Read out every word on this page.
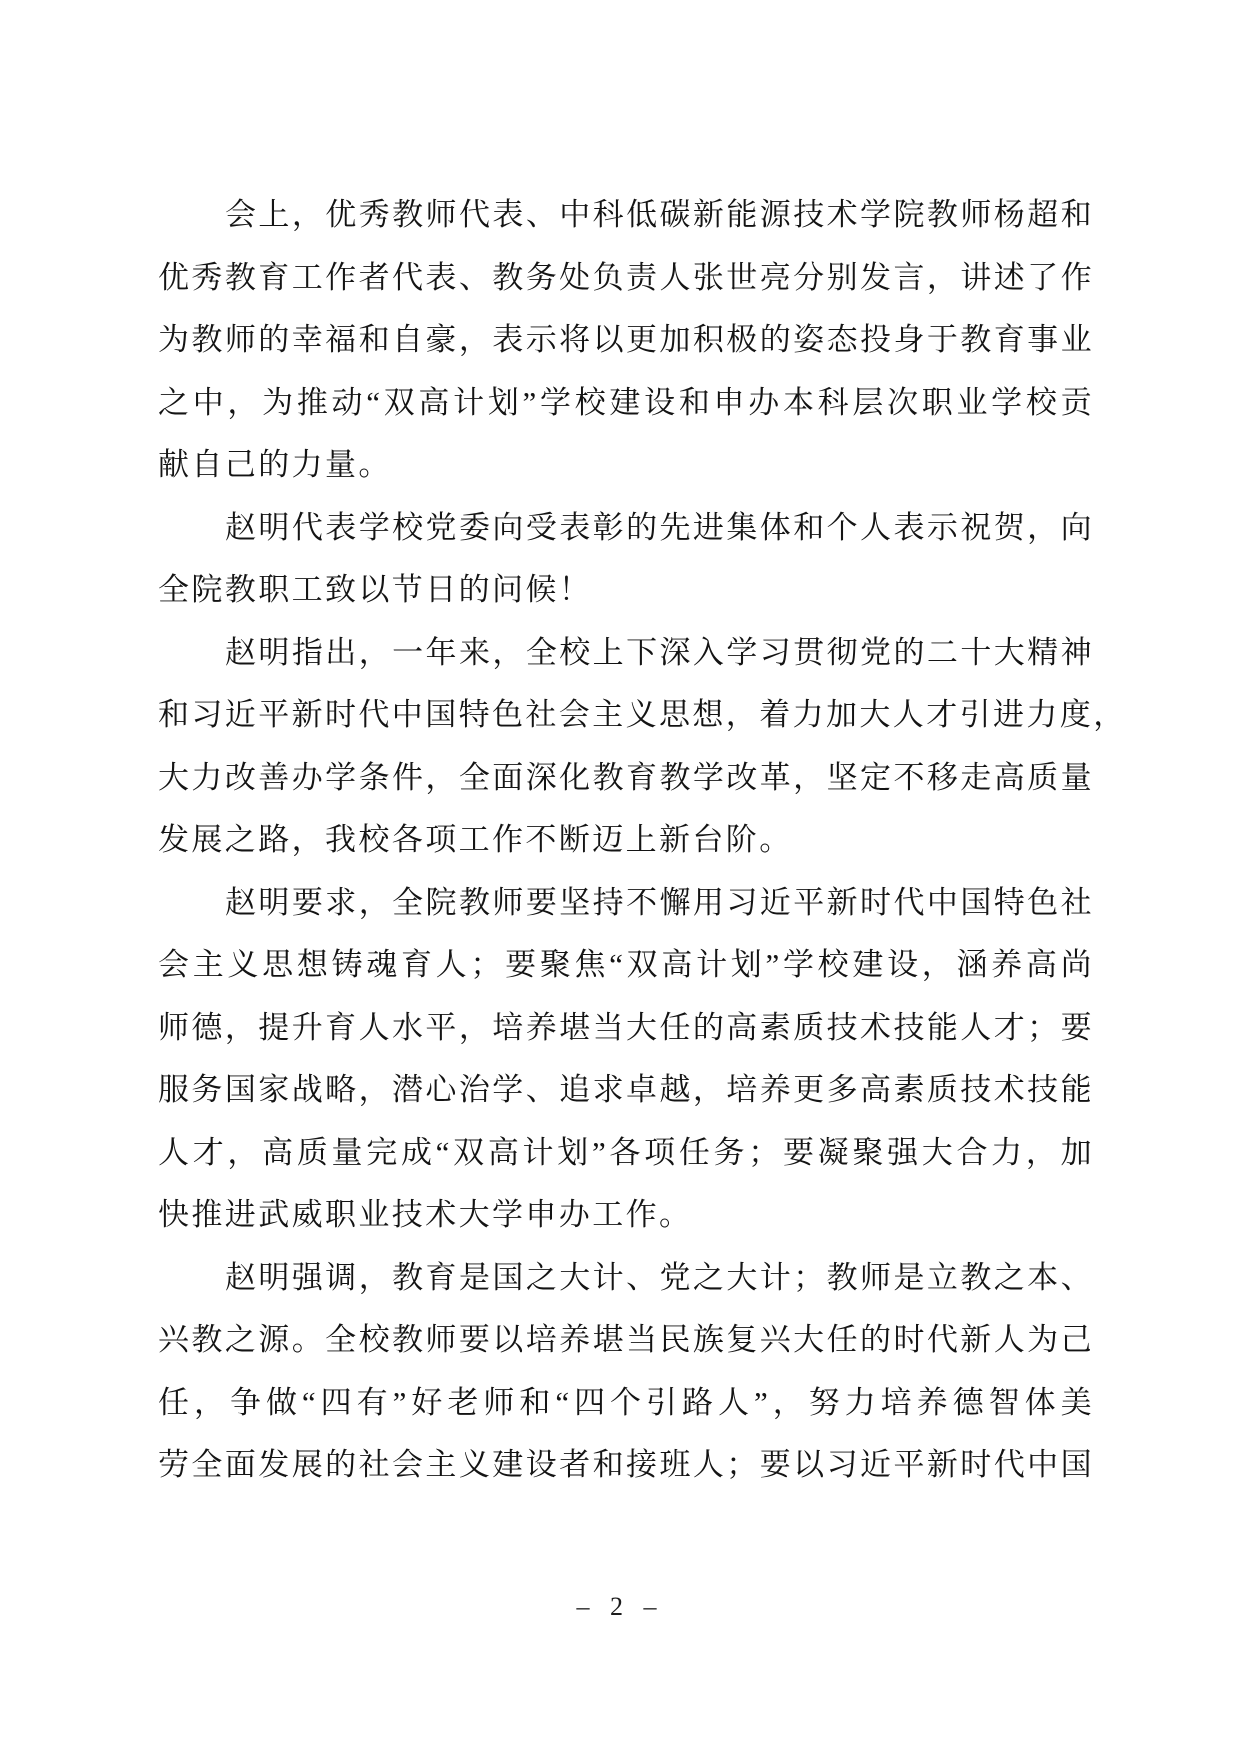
会上，优秀教师代表、中科低碳新能源技术学院教师杨超和
优秀教育工作者代表、教务处负责人张世亮分别发言，讲述了作
为教师的幸福和自豪，表示将以更加积极的姿态投身于教育事业
之中，为推动“双高计划”学校建设和申办本科层次职业学校贡
献自己的力量。
赵明代表学校党委向受表彰的先进集体和个人表示祝贺，向
全院教职工致以节日的问候！
赵明指出，一年来，全校上下深入学习贯彻党的二十大精神
和习近平新时代中国特色社会主义思想，着力加大人才引进力度，
大力改善办学条件，全面深化教育教学改革，坚定不移走高质量
发展之路，我校各项工作不断迈上新台阶。
赵明要求，全院教师要坚持不懈用习近平新时代中国特色社
会主义思想铸魂育人；要聚焦“双高计划”学校建设，涵养高尚
师德，提升育人水平，培养堪当大任的高素质技术技能人才；要
服务国家战略，潜心治学、追求卓越，培养更多高素质技术技能
人才，高质量完成“双高计划”各项任务；要凝聚强大合力，加
快推进武威职业技术大学申办工作。
赵明强调，教育是国之大计、党之大计；教师是立教之本、
兴教之源。全校教师要以培养堪当民族复兴大任的时代新人为己
任，争做“四有”好老师和“四个引路人”，努力培养德智体美
劳全面发展的社会主义建设者和接班人；要以习近平新时代中国
– 2 –
